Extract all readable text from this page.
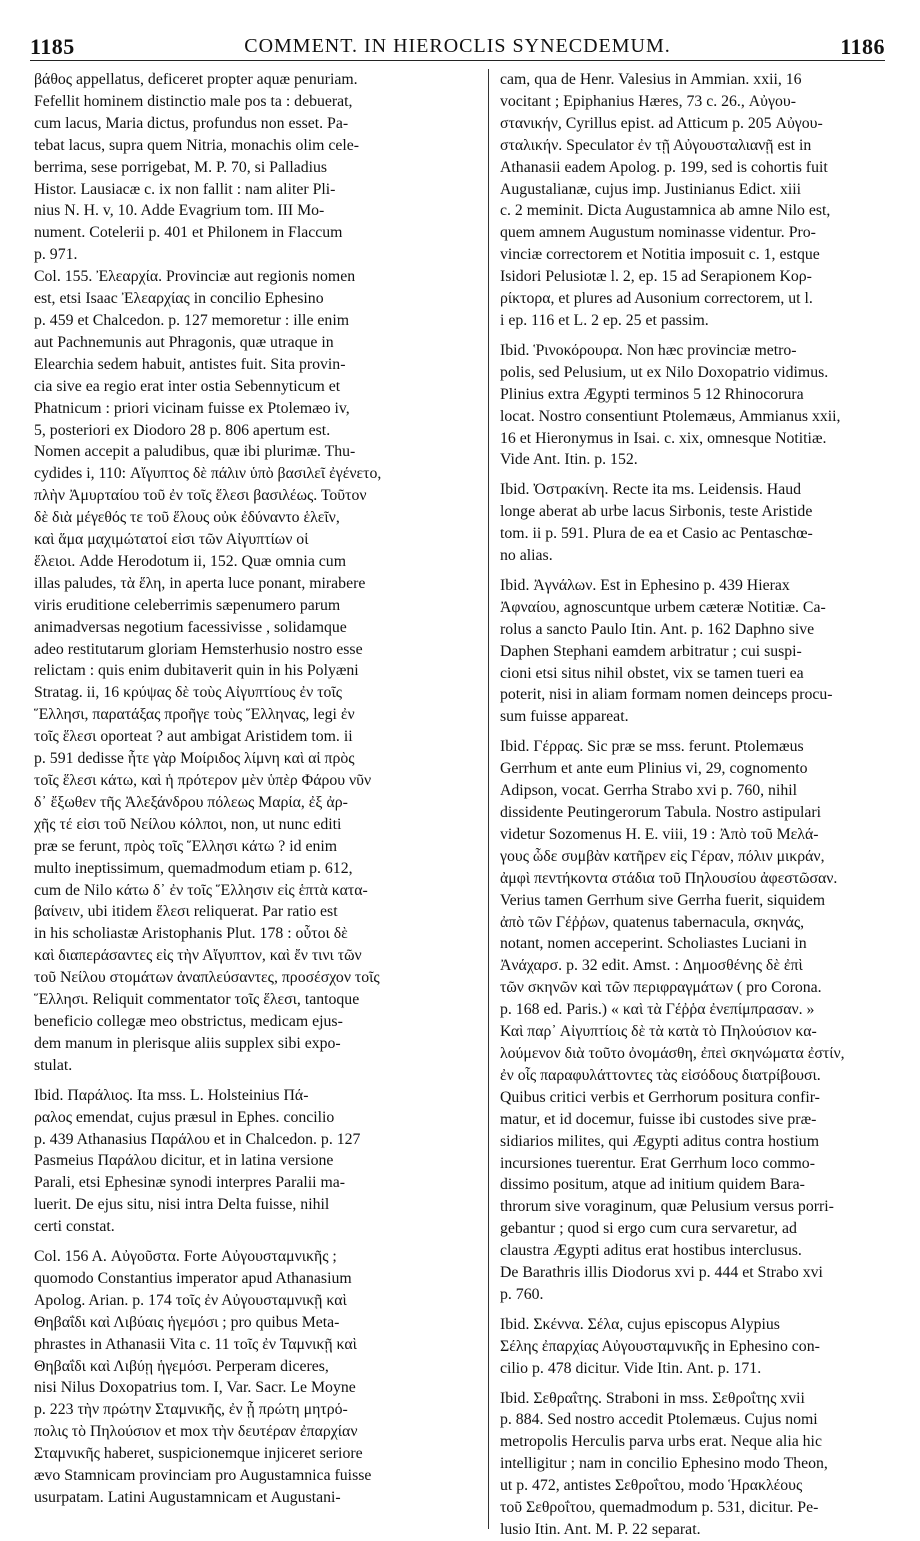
1185	COMMENT. IN HIEROCLIS SYNECDEMUM.	1186

βάθος appellatus, deficeret propter aquæ penuriam.
Fefellit hominem distinctio male pos ta : debuerat,
cum lacus, Maria dictus, profundus non esset. Pa-
tebat lacus, supra quem Nitria, monachis olim cele-
berrima, sese porrigebat, M. P. 70, si Palladius
Histor. Lausiacæ c. ix non fallit : nam aliter Pli-
nius N. H. v, 10. Adde Evagrium tom. III Mo-
nument. Cotelerii p. 401 et Philonem in Flaccum
p. 971.

Col. 155. Ἐλεαρχία. Provinciæ aut regionis nomen
est, etsi Isaac Ἐλεαρχίας in concilio Ephesino
p. 459 et Chalcedon. p. 127 memoretur : ille enim
aut Pachnemunis aut Phragonis, quæ utraque in
Elearchia sedem habuit, antistes fuit. Sita provin-
cia sive ea regio erat inter ostia Sebennyticum et
Phatnicum : priori vicinam fuisse ex Ptolemæo iv,
5, posteriori ex Diodoro 28 p. 806 apertum est.
Nomen accepit a paludibus, quæ ibi plurimæ. Thu-
cydides i, 110: Αἴγυπτος δὲ πάλιν ὑπὸ βασιλεῖ ἐγένετο,
πλὴν Ἀμυρταίου τοῦ ἐν τοῖς ἕλεσι βασιλέως. Τοῦτον
δὲ διὰ μέγεθός τε τοῦ ἕλους οὐκ ἐδύναντο ἑλεῖν,
καὶ ἅμα μαχιμώτατοί εἰσι τῶν Αἰγυπτίων οἱ
ἕλειοι. Adde Herodotum ii, 152. Quæ omnia cum
illas paludes, τὰ ἕλη, in aperta luce ponant, mirabere
viris eruditione celeberrimis sæpenumero parum
animadversas negotium facessivisse , solidamque
adeo restitutarum gloriam Hemsterhusio nostro esse
relictam : quis enim dubitaverit quin in his Polyæni
Stratag. ii, 16 κρύψας δὲ τοὺς Αἰγυπτίους ἐν τοῖς
Ἕλλησι, παρατάξας προῆγε τοὺς Ἕλληνας, legi ἐν
τοῖς ἕλεσι oporteat ? aut ambigat Aristidem tom. ii
p. 591 dedisse ἦτε γὰρ Μοίριδος λίμνη καὶ αἱ πρὸς
τοῖς ἕλεσι κάτω, καὶ ἡ πρότερον μὲν ὑπὲρ Φάρου νῦν
δ᾽ ἔξωθεν τῆς Ἀλεξάνδρου πόλεως Μαρία, ἐξ ἀρ-
χῆς τέ εἰσι τοῦ Νείλου κόλποι, non, ut nunc editi
præ se ferunt, πρὸς τοῖς Ἕλλησι κάτω ? id enim
multo ineptissimum, quemadmodum etiam p. 612,
cum de Nilo κάτω δ᾽ ἐν τοῖς Ἕλλησιν εἰς ἑπτὰ κατα-
βαίνειν, ubi itidem ἕλεσι reliquerat. Par ratio est
in his scholiastæ Aristophanis Plut. 178 : οὗτοι δὲ
καὶ διαπεράσαντες εἰς τὴν Αἴγυπτον, καὶ ἔν τινι τῶν
τοῦ Νείλου στομάτων ἀναπλεύσαντες, προσέσχον τοῖς
Ἕλλησι. Reliquit commentator τοῖς ἕλεσι, tantoque
beneficio collegæ meo obstrictus, medicam ejus-
dem manum in plerisque aliis supplex sibi expo-
stulat.

Ibid. Παράλιος. Ita mss. L. Holsteinius Πά-
ραλος emendat, cujus præsul in Ephes. concilio
p. 439 Athanasius Παράλου et in Chalcedon. p. 127
Pasmeius Παράλου dicitur, et in latina versione
Parali, etsi Ephesinæ synodi interpres Paralii ma-
luerit. De ejus situ, nisi intra Delta fuisse, nihil
certi constat.

Col. 156 A. Αὐγοῦστα. Forte Αὐγουσταμνικῆς ;
quomodo Constantius imperator apud Athanasium
Apolog. Arian. p. 174 τοῖς ἐν Αὐγουσταμνικῇ καὶ
Θηβαΐδι καὶ Λιβύαις ἡγεμόσι ; pro quibus Meta-
phrastes in Athanasii Vita c. 11 τοῖς ἐν Ταμνικῇ καὶ
Θηβαΐδι καὶ Λιβύῃ ἡγεμόσι. Perperam diceres,
nisi Nilus Doxopatrius tom. I, Var. Sacr. Le Moyne
p. 223 τὴν πρώτην Σταμνικῆς, ἐν ᾗ πρώτη μητρό-
πολις τὸ Πηλούσιον et mox τὴν δευτέραν ἐπαρχίαν
Σταμνικῆς haberet, suspicionemque injiceret seriore
ævo Stamnicam provinciam pro Augustamnica fuisse
usurpatam. Latini Augustamnicam et Augustani-

cam, qua de Henr. Valesius in Ammian. xxii, 16
vocitant ; Epiphanius Hæres, 73 c. 26., Αὐγου-
στανικήν, Cyrillus epist. ad Atticum p. 205 Αὐγου-
σταλικήν. Speculator ἐν τῇ Αὐγουσταλιανῇ est in
Athanasii eadem Apolog. p. 199, sed is cohortis fuit
Augustalianæ, cujus imp. Justinianus Edict. xiii
c. 2 meminit. Dicta Augustamnica ab amne Nilo est,
quem amnem Augustum nominasse videntur. Pro-
vinciæ correctorem et Notitia imposuit c. 1, estque
Isidori Pelusiotæ l. 2, ep. 15 ad Serapionem Κορ-
ρίκτορα, et plures ad Ausonium correctorem, ut l.
i ep. 116 et L. 2 ep. 25 et passim.

Ibid. Ῥινοκόρουρα. Non hæc provinciæ metro-
polis, sed Pelusium, ut ex Nilo Doxopatrio vidimus.
Plinius extra Ægypti terminos 5 12 Rhinocorura
locat. Nostro consentiunt Ptolemæus, Ammianus xxii,
16 et Hieronymus in Isai. c. xix, omnesque Notitiæ.
Vide Ant. Itin. p. 152.

Ibid. Ὀστρακίνη. Recte ita ms. Leidensis. Haud
longe aberat ab urbe lacus Sirbonis, teste Aristide
tom. ii p. 591. Plura de ea et Casio ac Pentaschœ-
no alias.

Ibid. Ἀγνάλων. Est in Ephesino p. 439 Hierax
Ἀφναίου, agnoscuntque urbem cæteræ Notitiæ. Ca-
rolus a sancto Paulo Itin. Ant. p. 162 Daphno sive
Daphen Stephani eamdem arbitratur ; cui suspi-
cioni etsi situs nihil obstet, vix se tamen tueri ea
poterit, nisi in aliam formam nomen deinceps procu-
sum fuisse appareat.

Ibid. Γέρρας. Sic præ se mss. ferunt. Ptolemæus
Gerrhum et ante eum Plinius vi, 29, cognomento
Adipson, vocat. Gerrha Strabo xvi p. 760, nihil
dissidente Peutingerorum Tabula. Nostro astipulari
videtur Sozomenus H. E. viii, 19 : Ἀπὸ τοῦ Μελά-
γους ὧδε συμβὰν κατῆρεν εἰς Γέραν, πόλιν μικράν,
ἀμφὶ πεντήκοντα στάδια τοῦ Πηλουσίου ἀφεστῶσαν.
Verius tamen Gerrhum sive Gerrha fuerit, siquidem
ἀπὸ τῶν Γέῤῥων, quatenus tabernacula, σκηνάς,
notant, nomen acceperint. Scholiastes Luciani in
Ἀνάχαρσ. p. 32 edit. Amst. : Δημοσθένης δὲ ἐπὶ
τῶν σκηνῶν καὶ τῶν περιφραγμάτων ( pro Corona.
p. 168 ed. Paris.) « καὶ τὰ Γέῤῥα ἐνεπίμπρασαν. »
Καὶ παρ᾽ Αἰγυπτίοις δὲ τὰ κατὰ τὸ Πηλούσιον κα-
λούμενον διὰ τοῦτο ὀνομάσθη, ἐπεὶ σκηνώματα ἐστίν,
ἐν οἷς παραφυλάττοντες τὰς εἰσόδους διατρίβουσι.
Quibus critici verbis et Gerrhorum positura confir-
matur, et id docemur, fuisse ibi custodes sive præ-
sidiarios milites, qui Ægypti aditus contra hostium
incursiones tuerentur. Erat Gerrhum loco commo-
dissimo positum, atque ad initium quidem Bara-
throrum sive voraginum, quæ Pelusium versus porri-
gebantur ; quod si ergo cum cura servaretur, ad
claustra Ægypti aditus erat hostibus interclusus.
De Barathris illis Diodorus xvi p. 444 et Strabo xvi
p. 760.

Ibid. Σκέννα. Σέλα, cujus episcopus Alypius
Σέλης ἐπαρχίας Αὐγουσταμνικῆς in Ephesino con-
cilio p. 478 dicitur. Vide Itin. Ant. p. 171.

Ibid. Σεθραΐτης. Straboni in mss. Σεθροΐτης xvii
p. 884. Sed nostro accedit Ptolemæus. Cujus nomi
metropolis Herculis parva urbs erat. Neque alia hic
intelligitur ; nam in concilio Ephesino modo Theon,
ut p. 472, antistes Σεθροΐτου, modo Ἡρακλέους
τοῦ Σεθροΐτου, quemadmodum p. 531, dicitur. Pe-
lusio Itin. Ant. M. P. 22 separat.
